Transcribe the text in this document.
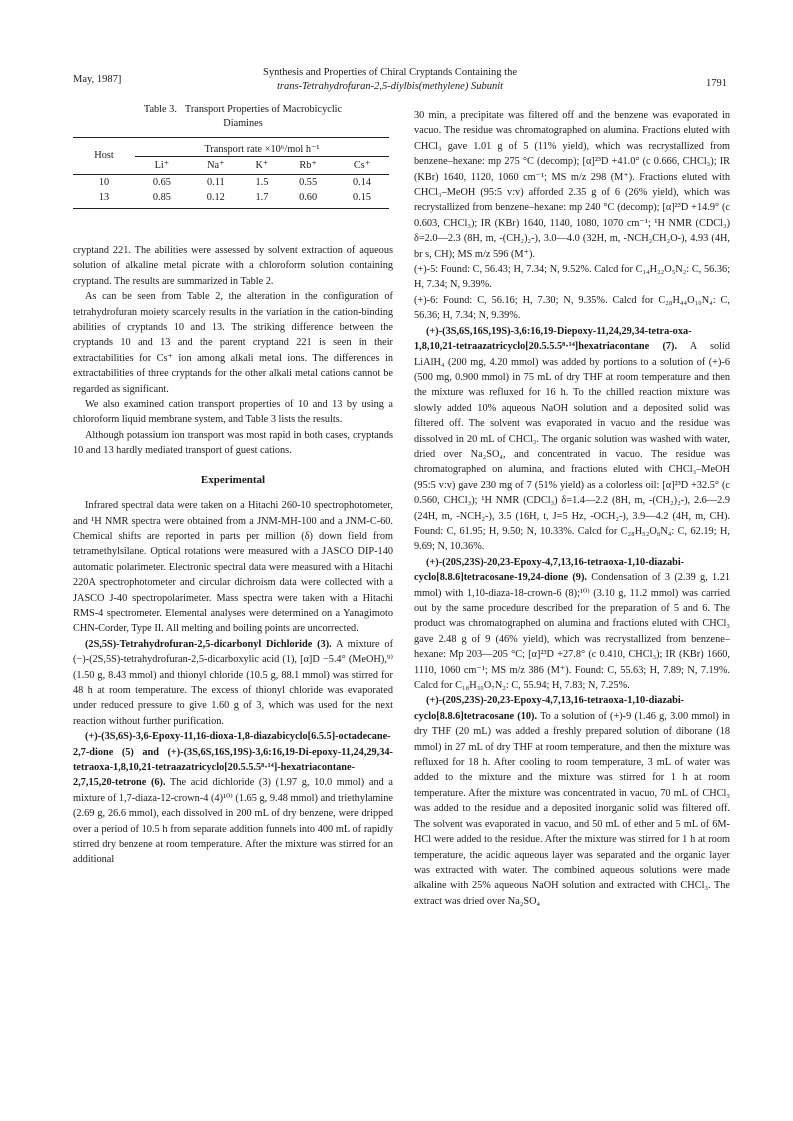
May, 1987]
Synthesis and Properties of Chiral Cryptands Containing the
trans-Tetrahydrofuran-2,5-diylbis(methylene) Subunit	1791
Table 3. Transport Properties of Macrobicyclic
Diamines
Host	Transport rate ×10⁶/mol h⁻¹				
	Li⁺	Na⁺	K⁺	Rb⁺	Cs⁺

10	0.65	0.11	1.5	0.55	0.14
13	0.85	0.12	1.7	0.60	0.15

cryptand 221. The abilities were assessed by solvent extraction of aqueous solution of alkaline metal picrate with a chloroform solution containing cryptand. The results are summarized in Table 2.

As can be seen from Table 2, the alteration in the configuration of tetrahydrofuran moiety scarcely results in the variation in the cation-binding abilities of cryptands 10 and 13. The striking difference between the cryptands 10 and 13 and the parent cryptand 221 is seen in their extractabilities for Cs⁺ ion among alkali metal ions. The differences in extractabilities of three cryptands for the other alkali metal cations cannot be regarded as significant.

We also examined cation transport properties of 10 and 13 by using a chloroform liquid membrane system, and Table 3 lists the results.

Although potassium ion transport was most rapid in both cases, cryptands 10 and 13 hardly mediated transport of guest cations.

Experimental

Infrared spectral data were taken on a Hitachi 260-10 spectrophotometer, and ¹H NMR spectra were obtained from a JNM-MH-100 and a JNM-C-60. Chemical shifts are reported in parts per million (δ) down field from tetramethylsilane. Optical rotations were measured with a JASCO DIP-140 automatic polarimeter. Electronic spectral data were measured with a Hitachi 220A spectrophotometer and circular dichroism data were collected with a JASCO J-40 spectropolarimeter. Mass spectra were taken with a Hitachi RMS-4 spectrometer. Elemental analyses were determined on a Yanagimoto CHN-Corder, Type II. All melting and boiling points are uncorrected.

(2S,5S)-Tetrahydrofuran-2,5-dicarbonyl Dichloride (3). A mixture of (−)-(2S,5S)-tetrahydrofuran-2,5-dicarboxylic acid (1), [α]D −5.4° (MeOH),⁹⁾ (1.50 g, 8.43 mmol) and thionyl chloride (10.5 g, 88.1 mmol) was stirred for 48 h at room temperature. The excess of thionyl chloride was evaporated under reduced pressure to give 1.60 g of 3, which was used for the next reaction without further purification.

(+)-(3S,6S)-3,6-Epoxy-11,16-dioxa-1,8-diazabicyclo[6.5.5]-octadecane-2,7-dione (5) and (+)-(3S,6S,16S,19S)-3,6:16,19-Di-epoxy-11,24,29,34-tetraoxa-1,8,10,21-tetraazatricyclo[20.5.5.5⁸·¹⁴]-hexatriacontane-2,7,15,20-tetrone (6). The acid dichloride (3) (1.97 g, 10.0 mmol) and a mixture of 1,7-diaza-12-crown-4 (4)¹⁰⁾ (1.65 g, 9.48 mmol) and triethylamine (2.69 g, 26.6 mmol), each dissolved in 200 mL of dry benzene, were dripped over a period of 10.5 h from separate addition funnels into 400 mL of rapidly stirred dry benzene at room temperature. After the mixture was stirred for an additional

30 min, a precipitate was filtered off and the benzene was evaporated in vacuo. The residue was chromatographed on alumina. Fractions eluted with CHCl₃ gave 1.01 g of 5 (11% yield), which was recrystallized from benzene–hexane: mp 275 °C (decomp); [α]²³D +41.0° (c 0.666, CHCl₃); IR (KBr) 1640, 1120, 1060 cm⁻¹; MS m/z 298 (M⁺). Fractions eluted with CHCl₃–MeOH (95:5 v:v) afforded 2.35 g of 6 (26% yield), which was recrystallized from benzene–hexane: mp 240 °C (decomp); [α]²³D +14.9° (c 0.603, CHCl₃); IR (KBr) 1640, 1140, 1080, 1070 cm⁻¹; ¹H NMR (CDCl₃) δ=2.0—2.3 (8H, m, -(CH₂)₂-), 3.0—4.0 (32H, m, -NCH₂CH₂O-), 4.93 (4H, br s, CH); MS m/z 596 (M⁺).

(+)-5: Found: C, 56.43; H, 7.34; N, 9.52%. Calcd for C₁₄H₂₂O₅N₂: C, 56.36; H, 7.34; N, 9.39%.

(+)-6: Found: C, 56.16; H, 7.30; N, 9.35%. Calcd for C₂₈H₄₄O₁₀N₄: C, 56.36; H, 7.34; N, 9.39%.

(+)-(3S,6S,16S,19S)-3,6:16,19-Diepoxy-11,24,29,34-tetra-oxa-1,8,10,21-tetraazatricyclo[20.5.5.5⁸·¹⁴]hexatriacontane (7). A solid LiAlH₄ (200 mg, 4.20 mmol) was added by portions to a solution of (+)-6 (500 mg, 0.900 mmol) in 75 mL of dry THF at room temperature and then the mixture was refluxed for 16 h. To the chilled reaction mixture was slowly added 10% aqueous NaOH solution and a deposited solid was filtered off. The solvent was evaporated in vacuo and the residue was dissolved in 20 mL of CHCl₃. The organic solution was washed with water, dried over Na₂SO₄, and concentrated in vacuo. The residue was chromatographed on alumina, and fractions eluted with CHCl₃–MeOH (95:5 v:v) gave 230 mg of 7 (51% yield) as a colorless oil: [α]²³D +32.5° (c 0.560, CHCl₃); ¹H NMR (CDCl₃) δ=1.4—2.2 (8H, m, -(CH₂)₂-), 2.6—2.9 (24H, m, -NCH₂-), 3.5 (16H, t, J=5 Hz, -OCH₂-), 3.9—4.2 (4H, m, CH). Found: C, 61.95; H, 9.50; N, 10.33%. Calcd for C₂₈H₅₂O₈N₄: C, 62.19; H, 9.69; N, 10.36%.

(+)-(20S,23S)-20,23-Epoxy-4,7,13,16-tetraoxa-1,10-diazabi-cyclo[8.8.6]tetracosane-19,24-dione (9). Condensation of 3 (2.39 g, 1.21 mmol) with 1,10-diaza-18-crown-6 (8);¹⁰⁾ (3.10 g, 11.2 mmol) was carried out by the same procedure described for the preparation of 5 and 6. The product was chromatographed on alumina and fractions eluted with CHCl₃ gave 2.48 g of 9 (46% yield), which was recrystallized from benzene–hexane: Mp 203—205 °C; [α]²³D +27.8° (c 0.410, CHCl₃); IR (KBr) 1660, 1110, 1060 cm⁻¹; MS m/z 386 (M⁺). Found: C, 55.63; H, 7.89; N, 7.19%. Calcd for C₁₈H₃₀O₇N₂: C, 55.94; H, 7.83; N, 7.25%.

(+)-(20S,23S)-20,23-Epoxy-4,7,13,16-tetraoxa-1,10-diazabi-cyclo[8.8.6]tetracosane (10). To a solution of (+)-9 (1.46 g, 3.00 mmol) in dry THF (20 mL) was added a freshly prepared solution of diborane (18 mmol) in 27 mL of dry THF at room temperature, and then the mixture was refluxed for 18 h. After cooling to room temperature, 3 mL of water was added to the mixture and the mixture was stirred for 1 h at room temperature. After the mixture was concentrated in vacuo, 70 mL of CHCl₃ was added to the residue and a deposited inorganic solid was filtered off. The solvent was evaporated in vacuo, and 50 mL of ether and 5 mL of 6M-HCl were added to the residue. After the mixture was stirred for 1 h at room temperature, the acidic aqueous layer was separated and the organic layer was extracted with water. The combined aqueous solutions were made alkaline with 25% aqueous NaOH solution and extracted with CHCl₃. The extract was dried over Na₂SO₄
